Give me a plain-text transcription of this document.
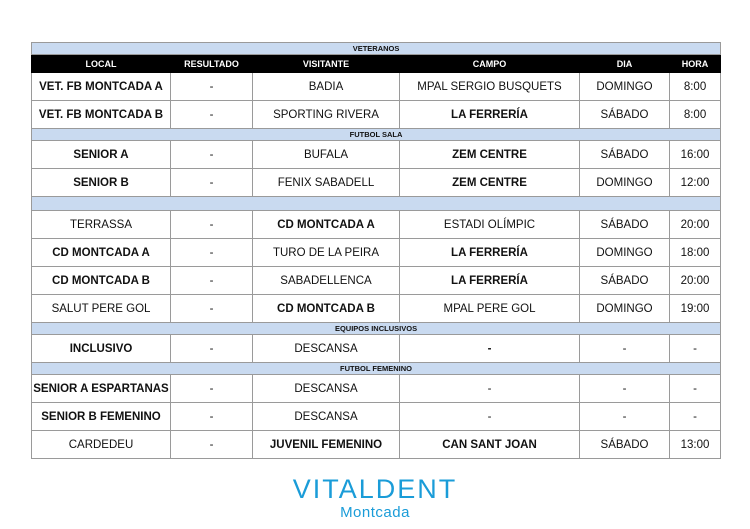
VETERANOS					
LOCAL	RESULTADO	VISITANTE	CAMPO	DIA	HORA
VET. FB MONTCADA A	-	BADIA	MPAL SERGIO BUSQUETS	DOMINGO	8:00
VET. FB MONTCADA B	-	SPORTING RIVERA	LA FERRERÍA	SÁBADO	8:00
FUTBOL SALA					
SENIOR A	-	BUFALA	ZEM CENTRE	SÁBADO	16:00
SENIOR B	-	FENIX SABADELL	ZEM CENTRE	DOMINGO	12:00

TERRASSA	-	CD MONTCADA A	ESTADI OLÍMPIC	SÁBADO	20:00
CD MONTCADA A	-	TURO DE LA PEIRA	LA FERRERÍA	DOMINGO	18:00
CD MONTCADA B	-	SABADELLENCA	LA FERRERÍA	SÁBADO	20:00
SALUT PERE GOL	-	CD MONTCADA B	MPAL PERE GOL	DOMINGO	19:00
EQUIPOS INCLUSIVOS					
INCLUSIVO	-	DESCANSA	-	-	-
FUTBOL FEMENINO					
SENIOR A ESPARTANAS	-	DESCANSA	-	-	-
SENIOR B FEMENINO	-	DESCANSA	-	-	-
CARDEDEU	-	JUVENIL FEMENINO	CAN SANT JOAN	SÁBADO	13:00
VITALDENT
Montcada
